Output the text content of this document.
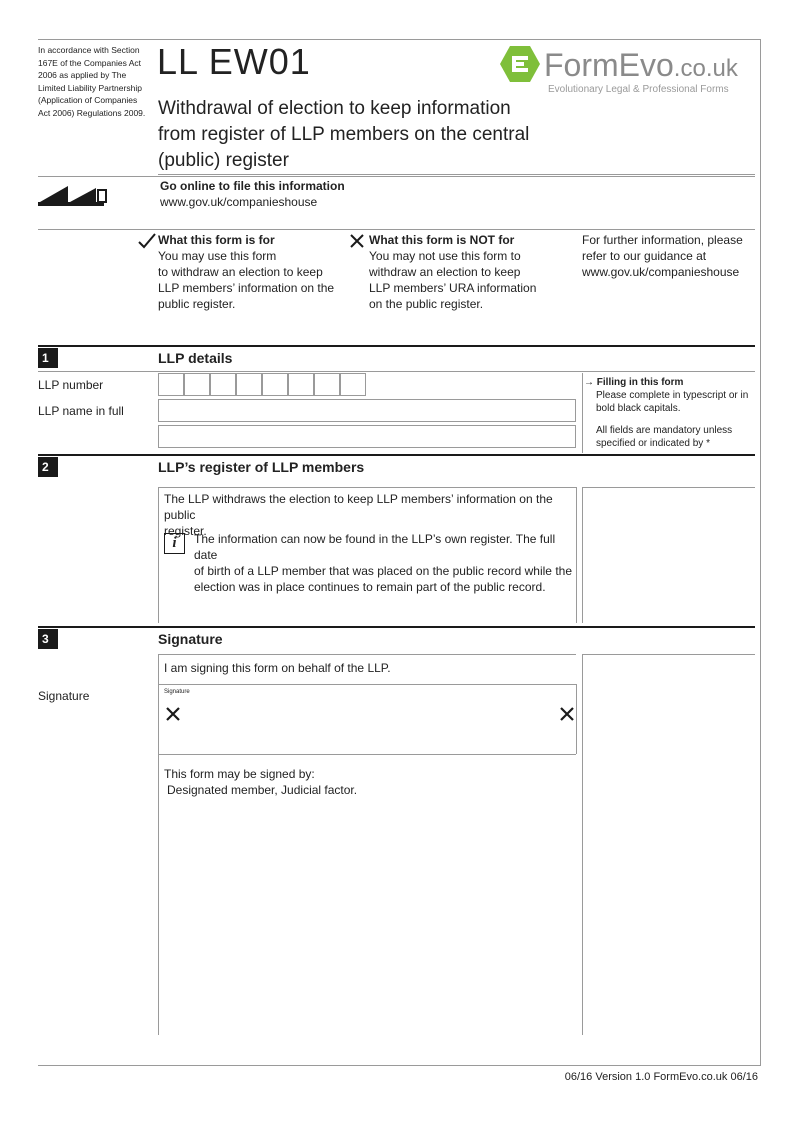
In accordance with Section 167E of the Companies Act 2006 as applied by The Limited Liability Partnership (Application of Companies Act 2006) Regulations 2009.
LL EW01
Withdrawal of election to keep information
from register of LLP members on the central
(public) register
FormEvo.co.uk
Evolutionary Legal & Professional Forms
Go online to file this information
www.gov.uk/companieshouse
What this form is for
You may use this form
to withdraw an election to keep
LLP members’ information on the
public register.
What this form is NOT for
You may not use this form to
withdraw an election to keep
LLP members’ URA information
on the public register.
For further information, please
refer to our guidance at
www.gov.uk/companieshouse
1	LLP details
LLP number
LLP name in full
→ Filling in this form
Please complete in typescript or in
bold black capitals.
All fields are mandatory unless
specified or indicated by *
2	LLP’s register of LLP members
The LLP withdraws the election to keep LLP members’ information on the public
register.
i	The information can now be found in the LLP’s own register. The full date
of birth of a LLP member that was placed on the public record while the
election was in place continues to remain part of the public record.
3	Signature
I am signing this form on behalf of the LLP.
Signature	Signature
This form may be signed by:
Designated member, Judicial factor.
06/16 Version 1.0 FormEvo.co.uk 06/16
